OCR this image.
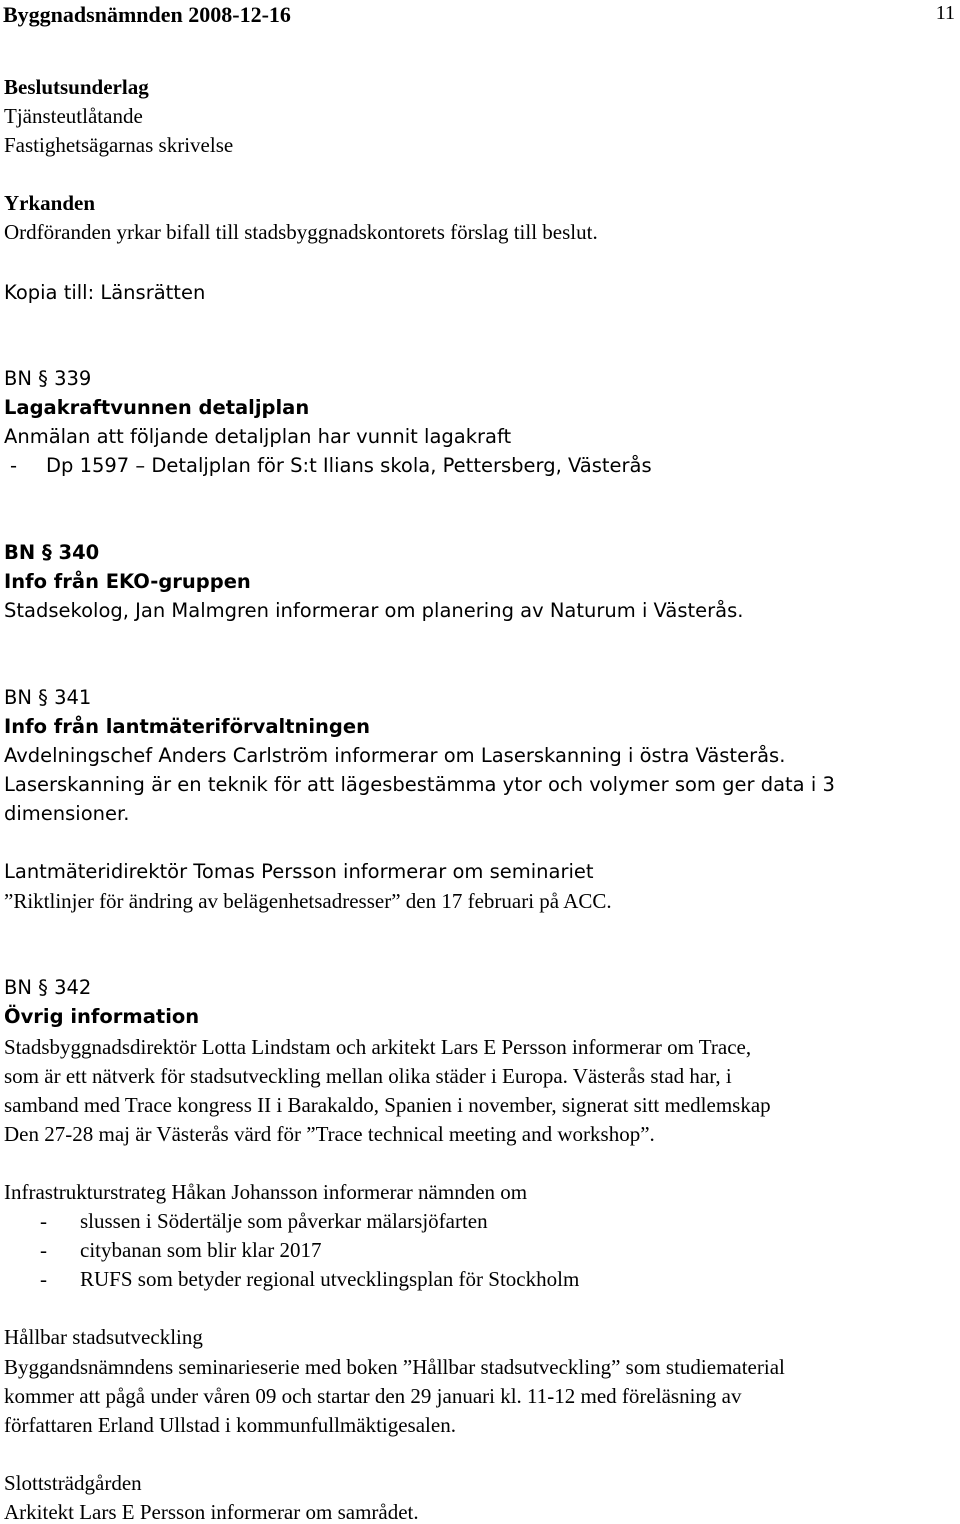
Byggnadsnämnden 2008-12-16	11
Beslutsunderlag
Tjänsteutlåtande
Fastighetsägarnas skrivelse
Yrkanden
Ordföranden yrkar bifall till stadsbyggnadskontorets förslag till beslut.
Kopia till: Länsrätten
BN § 339
Lagakraftvunnen detaljplan
Anmälan att följande detaljplan har vunnit lagakraft
- Dp 1597 – Detaljplan för S:t Ilians skola, Pettersberg, Västerås
BN § 340
Info från EKO-gruppen
Stadsekolog, Jan Malmgren informerar om planering av Naturum i Västerås.
BN § 341
Info från lantmäteriförvaltningen
Avdelningschef Anders Carlström informerar om Laserskanning i östra Västerås.
Laserskanning är en teknik för att lägesbestämma ytor och volymer som ger data i 3
dimensioner.
Lantmäteridirektör Tomas Persson informerar om seminariet
”Riktlinjer för ändring av belägenhetsadresser” den 17 februari på ACC.
BN § 342
Övrig information
Stadsbyggnadsdirektör Lotta Lindstam och arkitekt Lars E Persson informerar om Trace,
som är ett nätverk för stadsutveckling mellan olika städer i Europa. Västerås stad har, i
samband med Trace kongress II i Barakaldo, Spanien i november, signerat sitt medlemskap
Den 27-28 maj är Västerås värd för ”Trace technical meeting and workshop”.
Infrastrukturstrateg Håkan Johansson informerar nämnden om
- slussen i Södertälje som påverkar mälarsjöfarten
- citybanan som blir klar 2017
- RUFS som betyder regional utvecklingsplan för Stockholm
Hållbar stadsutveckling
Byggandsnämndens seminarieserie med boken ”Hållbar stadsutveckling” som studiematerial
kommer att pågå under våren 09 och startar den 29 januari kl. 11-12 med föreläsning av
författaren Erland Ullstad i kommunfullmäktigesalen.
Slottsträdgården
Arkitekt Lars E Persson informerar om samrådet.
